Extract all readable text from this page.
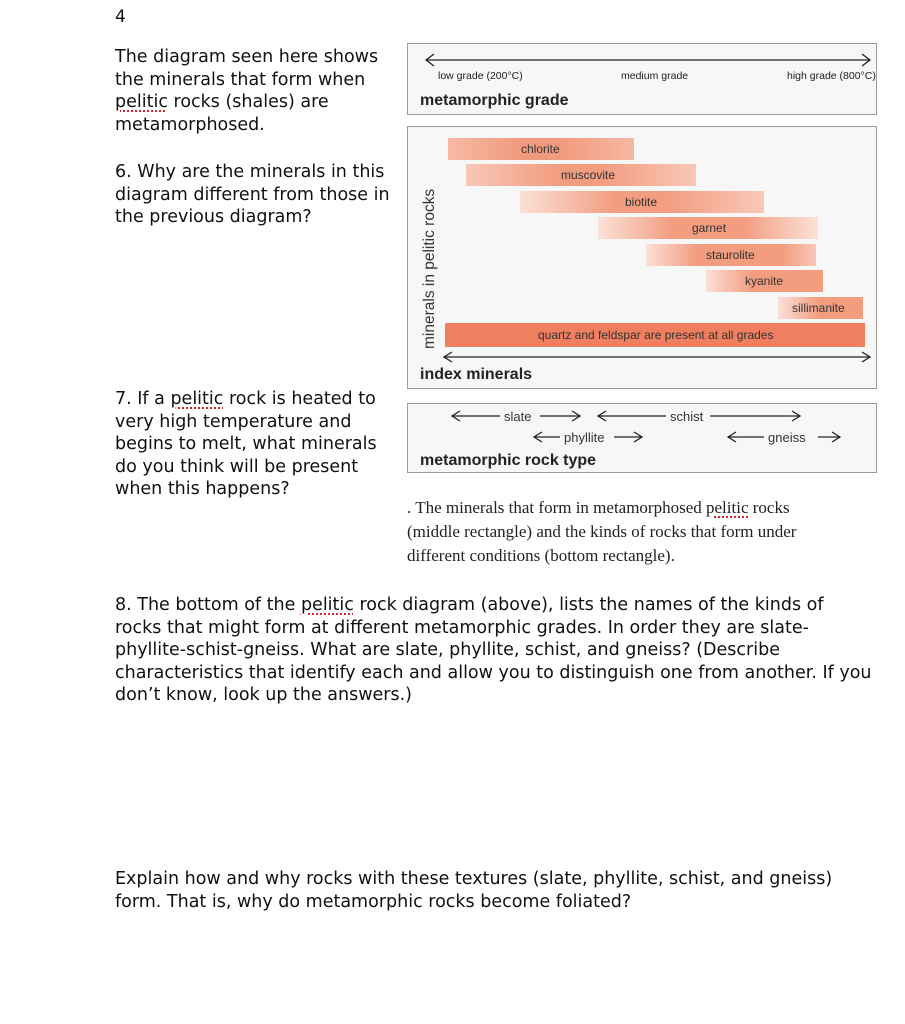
4
The diagram seen here shows
the minerals that form when
pelitic rocks (shales) are
metamorphosed.
6. Why are the minerals in this
diagram different from those in
the previous diagram?
7. If a pelitic rock is heated to
very high temperature and
begins to melt, what minerals
do you think will be present
when this happens?
low grade (200°C)	medium grade	high grade (800°C)
metamorphic grade
minerals in pelitic rocks
chlorite
muscovite
biotite
garnet
staurolite
kyanite
sillimanite
quartz and feldspar are present at all grades
index minerals
slate	schist
phyllite	gneiss
metamorphic rock type
. The minerals that form in metamorphosed pelitic rocks
(middle rectangle) and the kinds of rocks that form under
different conditions (bottom rectangle).
8. The bottom of the pelitic rock diagram (above), lists the names of the kinds of
rocks that might form at different metamorphic grades. In order they are slate-
phyllite-schist-gneiss. What are slate, phyllite, schist, and gneiss? (Describe
characteristics that identify each and allow you to distinguish one from another. If you
don’t know, look up the answers.)
Explain how and why rocks with these textures (slate, phyllite, schist, and gneiss)
form. That is, why do metamorphic rocks become foliated?
